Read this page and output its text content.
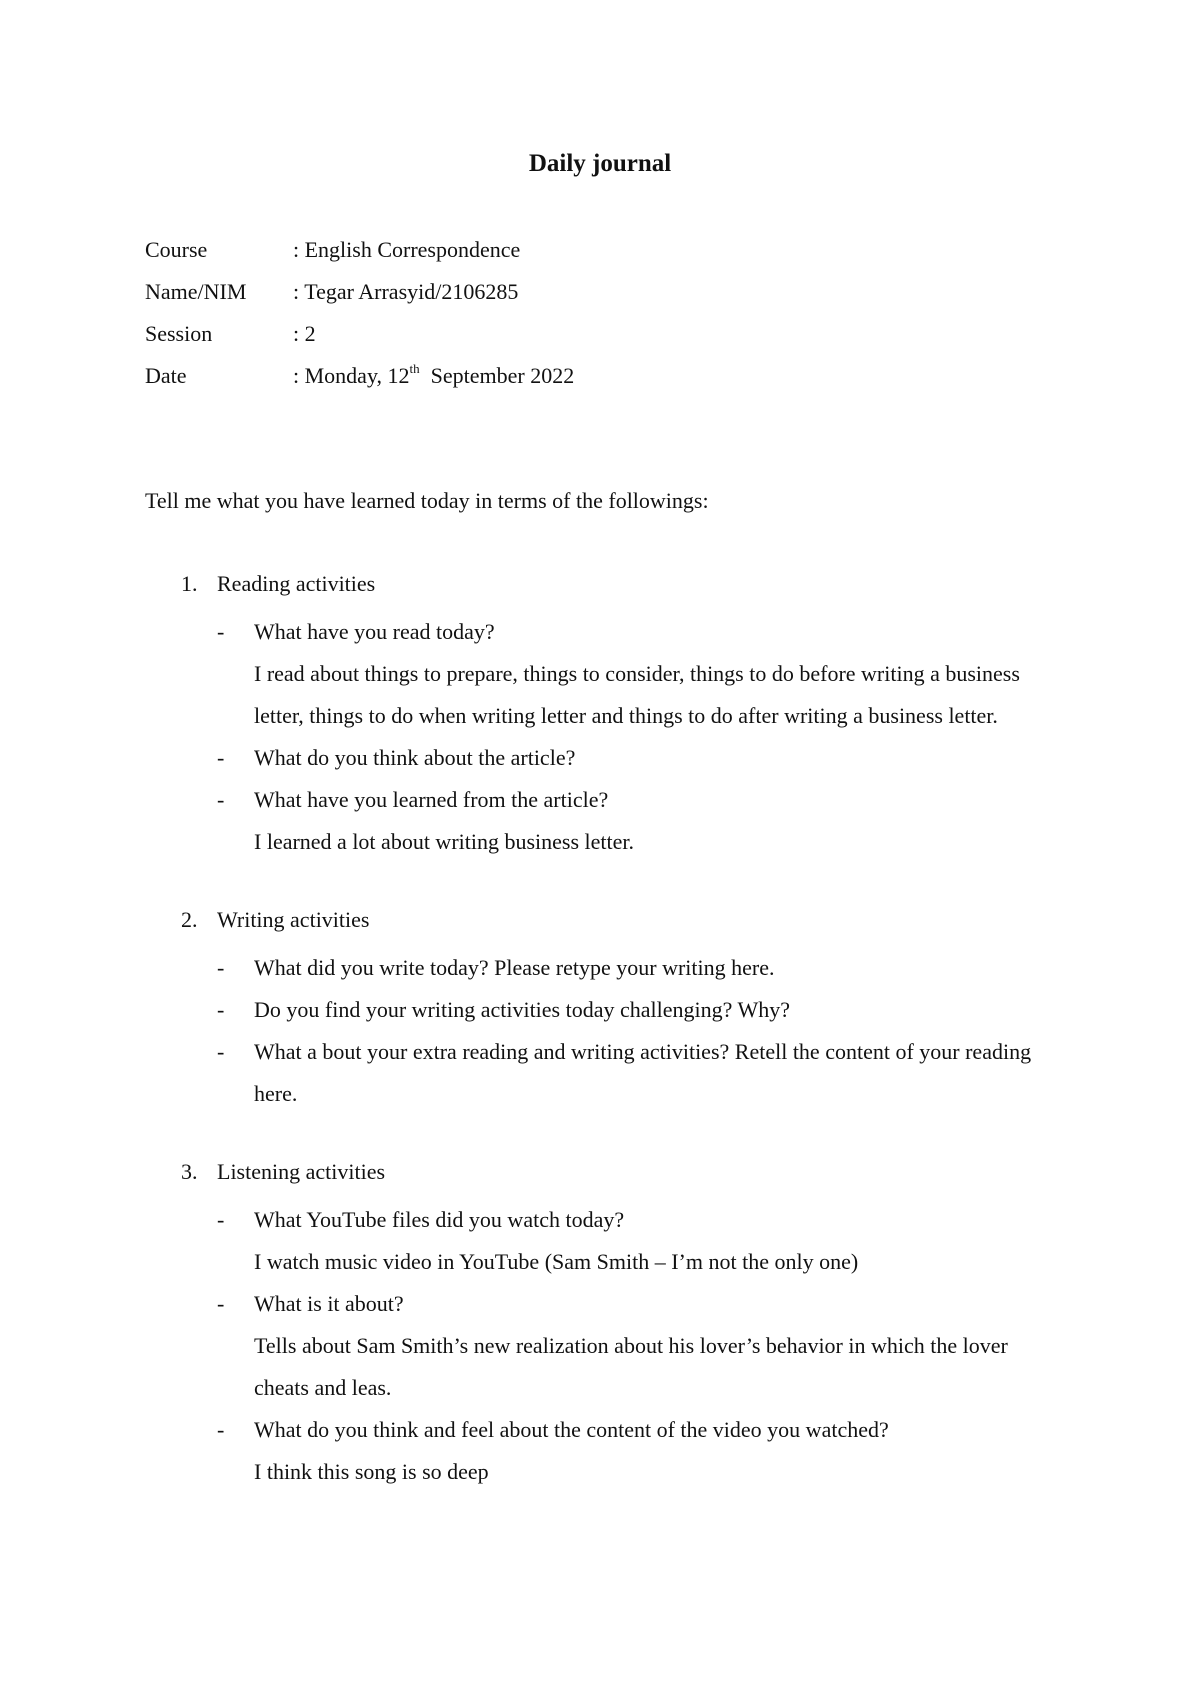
Daily journal
Course	: English Correspondence
Name/NIM : Tegar Arrasyid/2106285
Session	: 2
Date	: Monday, 12th  September 2022
Tell me what you have learned today in terms of the followings:
1. Reading activities
- What have you read today?
I read about things to prepare, things to consider, things to do before writing a business letter, things to do when writing letter and things to do after writing a business letter.
- What do you think about the article?
- What have you learned from the article?
I learned a lot about writing business letter.
2. Writing activities
- What did you write today? Please retype your writing here.
- Do you find your writing activities today challenging? Why?
- What a bout your extra reading and writing activities? Retell the content of your reading here.
3. Listening activities
- What YouTube files did you watch today?
I watch music video in YouTube (Sam Smith – I’m not the only one)
- What is it about?
Tells about Sam Smith’s new realization about his lover’s behavior in which the lover cheats and leas.
- What do you think and feel about the content of the video you watched?
I think this song is so deep
